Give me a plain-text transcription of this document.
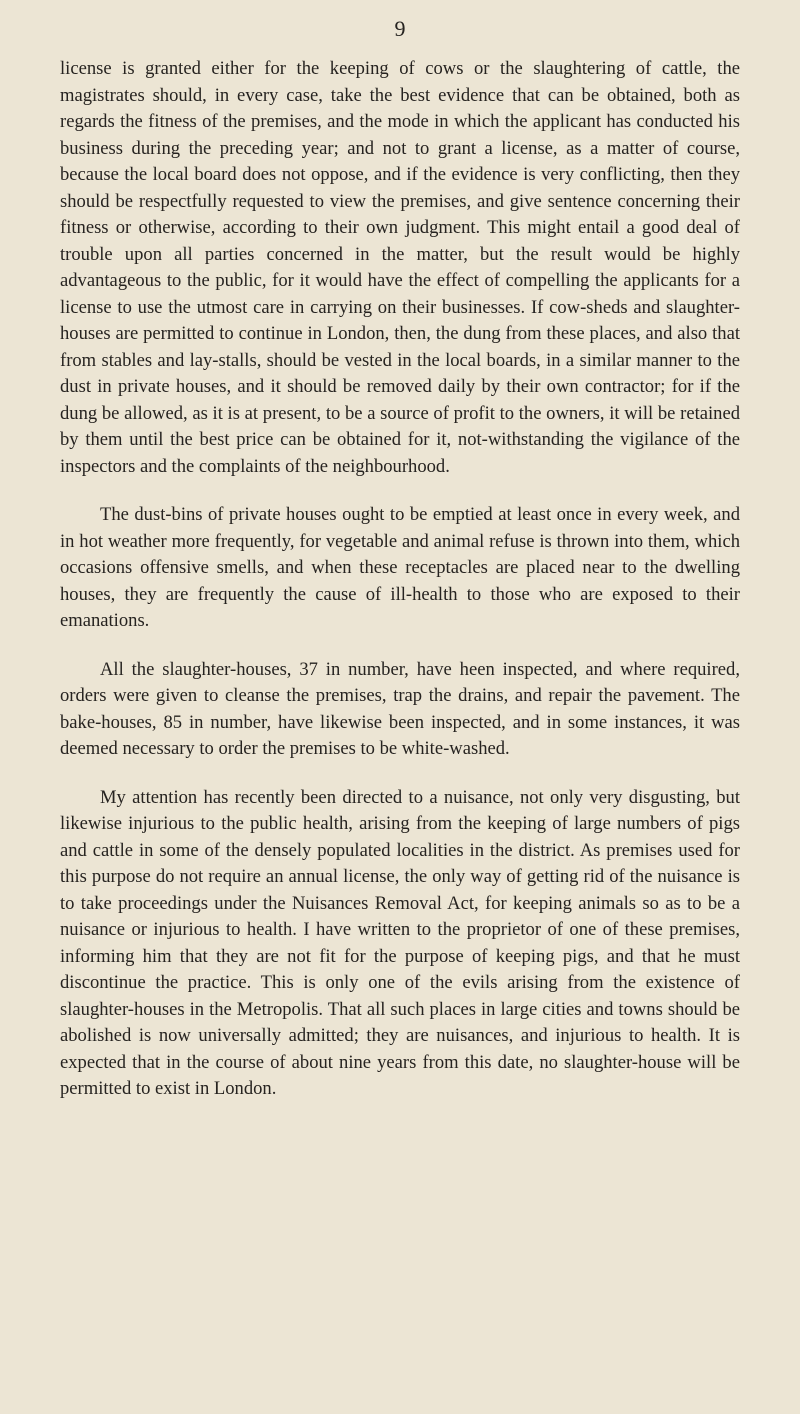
9

license is granted either for the keeping of cows or the slaughtering of cattle, the magistrates should, in every case, take the best evidence that can be obtained, both as regards the fitness of the premises, and the mode in which the applicant has conducted his business during the preceding year; and not to grant a license, as a matter of course, because the local board does not oppose, and if the evidence is very conflicting, then they should be respectfully requested to view the premises, and give sentence concerning their fitness or otherwise, according to their own judgment. This might entail a good deal of trouble upon all parties concerned in the matter, but the result would be highly advantageous to the public, for it would have the effect of compelling the applicants for a license to use the utmost care in carrying on their businesses. If cow-sheds and slaughter-houses are permitted to continue in London, then, the dung from these places, and also that from stables and lay-stalls, should be vested in the local boards, in a similar manner to the dust in private houses, and it should be removed daily by their own contractor; for if the dung be allowed, as it is at present, to be a source of profit to the owners, it will be retained by them until the best price can be obtained for it, not-withstanding the vigilance of the inspectors and the complaints of the neighbourhood.

The dust-bins of private houses ought to be emptied at least once in every week, and in hot weather more frequently, for vegetable and animal refuse is thrown into them, which occasions offensive smells, and when these receptacles are placed near to the dwelling houses, they are frequently the cause of ill-health to those who are exposed to their emanations.

All the slaughter-houses, 37 in number, have heen inspected, and where required, orders were given to cleanse the premises, trap the drains, and repair the pavement. The bake-houses, 85 in number, have likewise been inspected, and in some instances, it was deemed necessary to order the premises to be white-washed.

My attention has recently been directed to a nuisance, not only very disgusting, but likewise injurious to the public health, arising from the keeping of large numbers of pigs and cattle in some of the densely populated localities in the district. As premises used for this purpose do not require an annual license, the only way of getting rid of the nuisance is to take proceedings under the Nuisances Removal Act, for keeping animals so as to be a nuisance or injurious to health. I have written to the proprietor of one of these premises, informing him that they are not fit for the purpose of keeping pigs, and that he must discontinue the practice. This is only one of the evils arising from the existence of slaughter-houses in the Metropolis. That all such places in large cities and towns should be abolished is now universally admitted; they are nuisances, and injurious to health. It is expected that in the course of about nine years from this date, no slaughter-house will be permitted to exist in London.
